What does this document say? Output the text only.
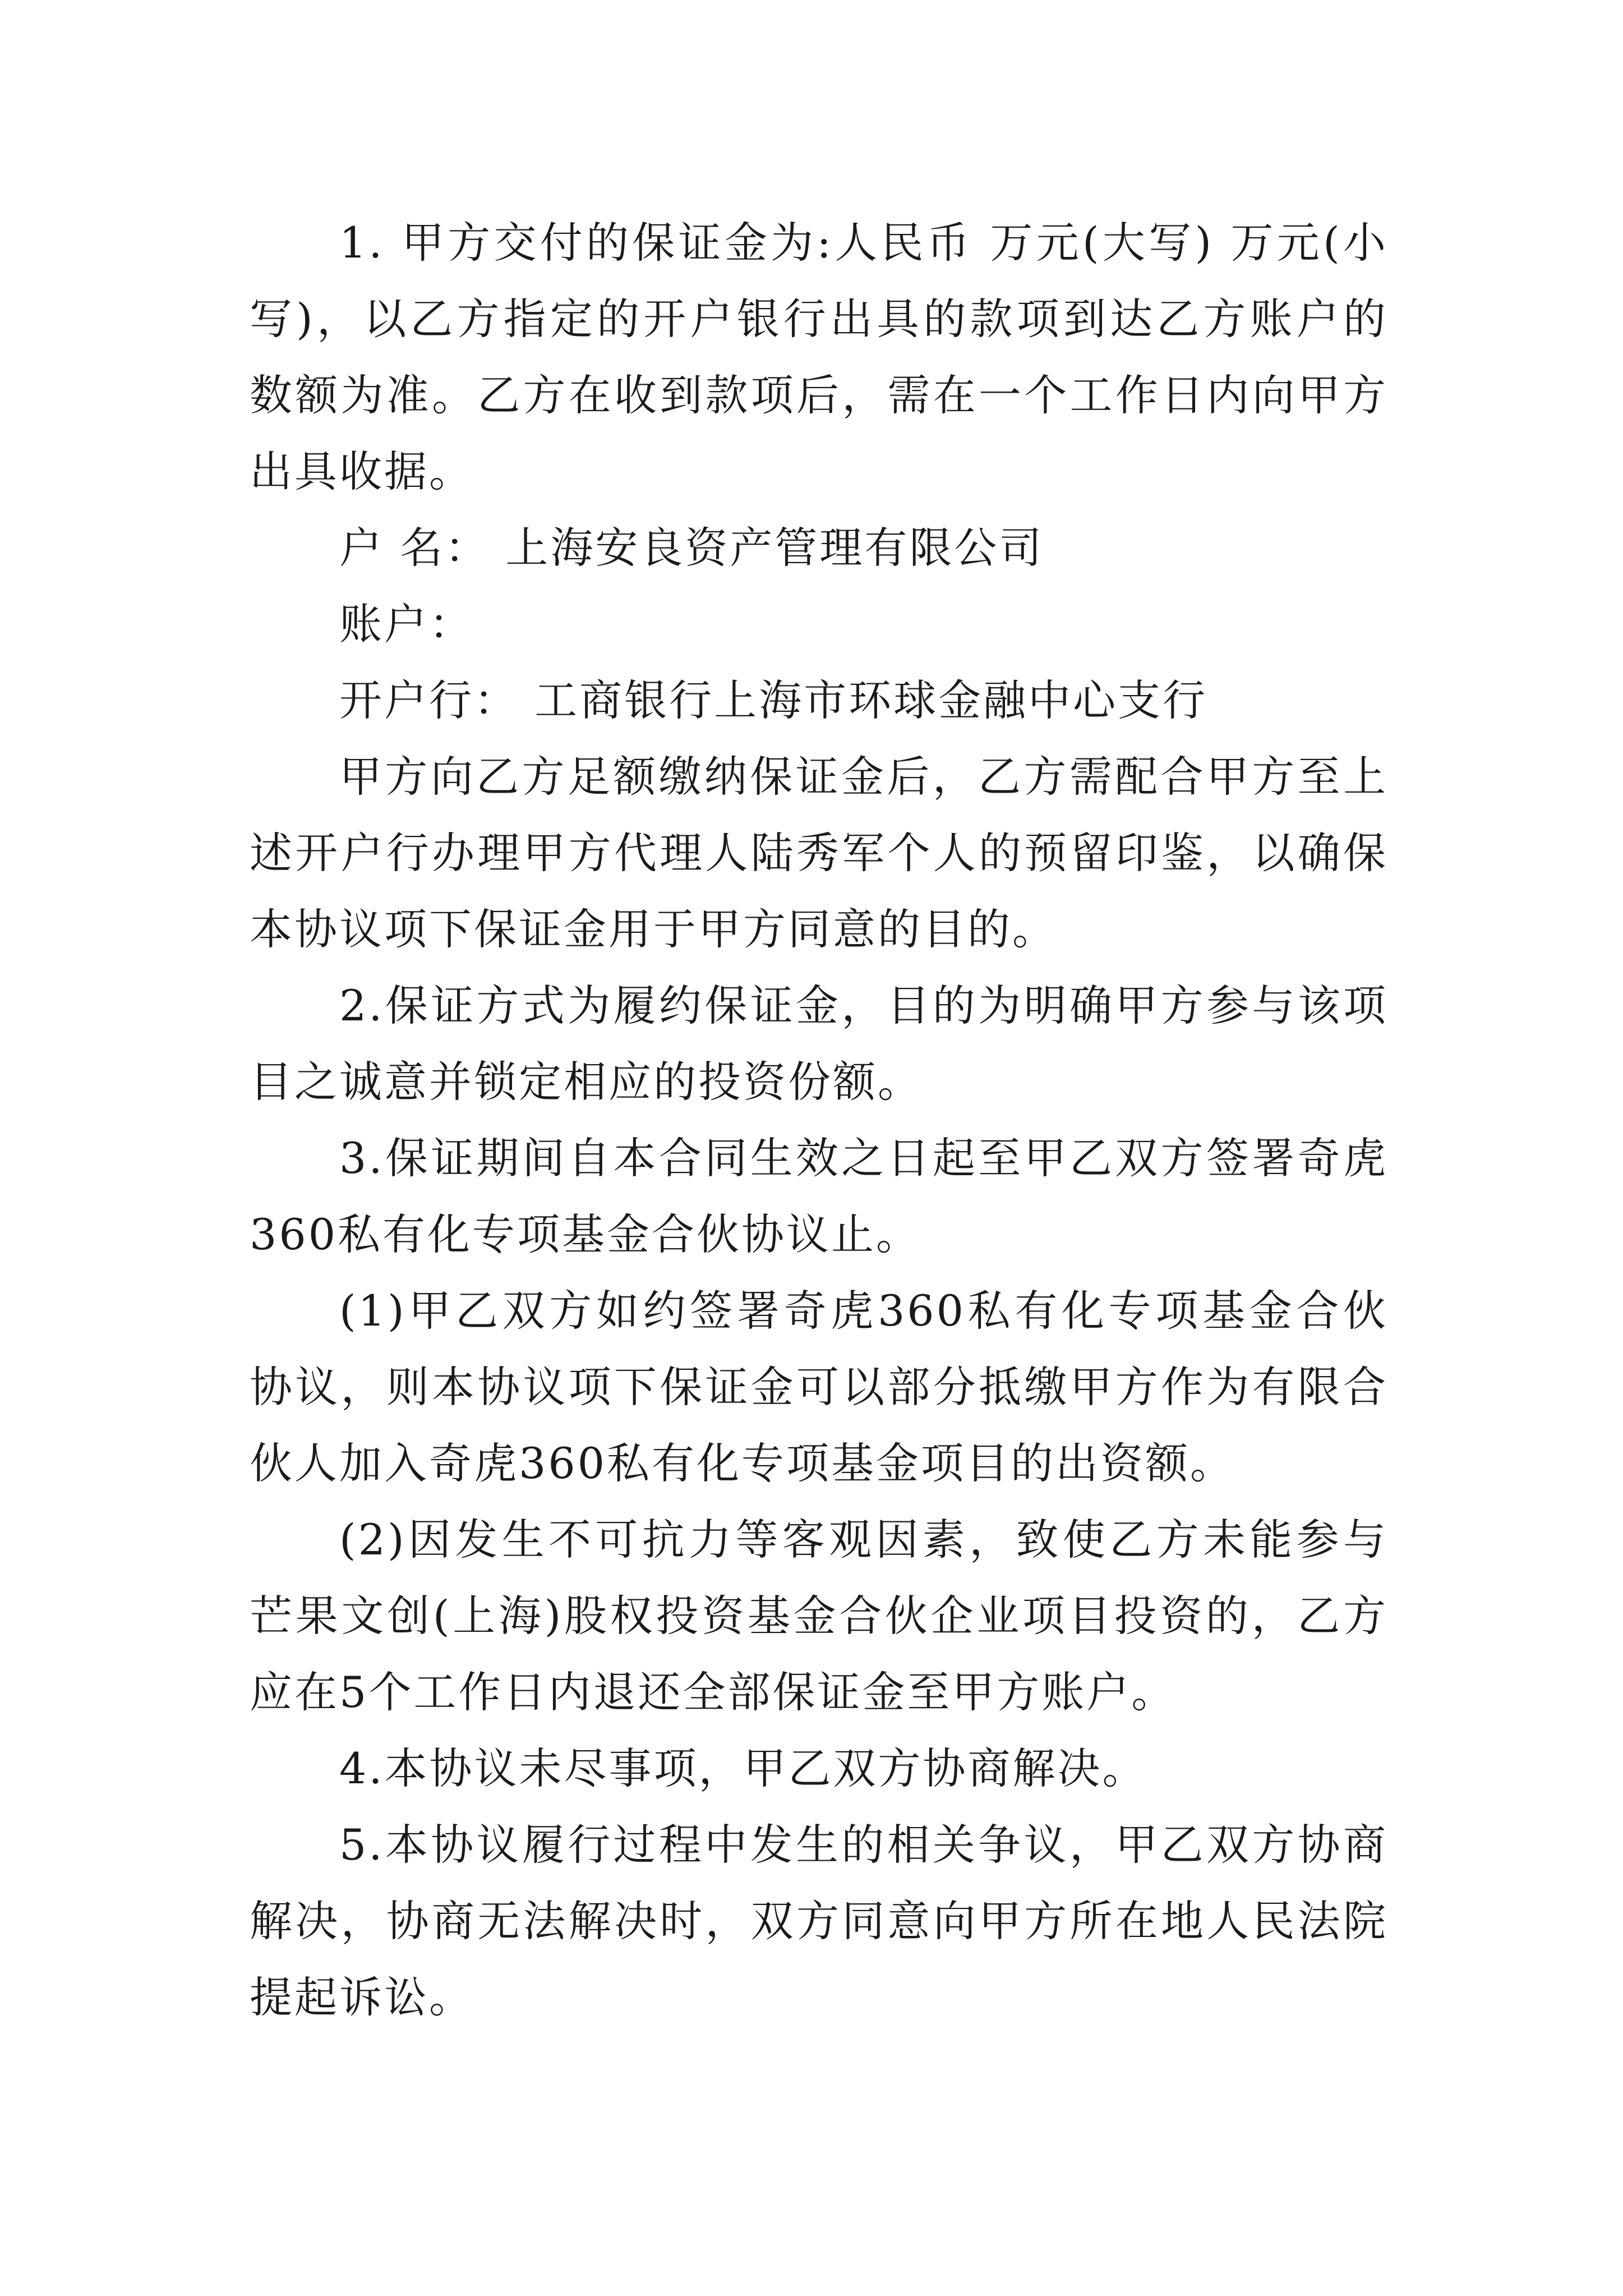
1. 甲方交付的保证金为:人民币 万元(大写) 万元(小写)，以乙方指定的开户银行出具的款项到达乙方账户的数额为准。乙方在收到款项后，需在一个工作日内向甲方出具收据。

户 名： 上海安良资产管理有限公司

账户：

开户行： 工商银行上海市环球金融中心支行

甲方向乙方足额缴纳保证金后，乙方需配合甲方至上述开户行办理甲方代理人陆秀军个人的预留印鉴，以确保本协议项下保证金用于甲方同意的目的。

2.保证方式为履约保证金，目的为明确甲方参与该项目之诚意并锁定相应的投资份额。

3.保证期间自本合同生效之日起至甲乙双方签署奇虎360私有化专项基金合伙协议止。

(1)甲乙双方如约签署奇虎360私有化专项基金合伙协议，则本协议项下保证金可以部分抵缴甲方作为有限合伙人加入奇虎360私有化专项基金项目的出资额。

(2)因发生不可抗力等客观因素，致使乙方未能参与芒果文创(上海)股权投资基金合伙企业项目投资的，乙方应在5个工作日内退还全部保证金至甲方账户。

4.本协议未尽事项，甲乙双方协商解决。

5.本协议履行过程中发生的相关争议，甲乙双方协商解决，协商无法解决时，双方同意向甲方所在地人民法院提起诉讼。
